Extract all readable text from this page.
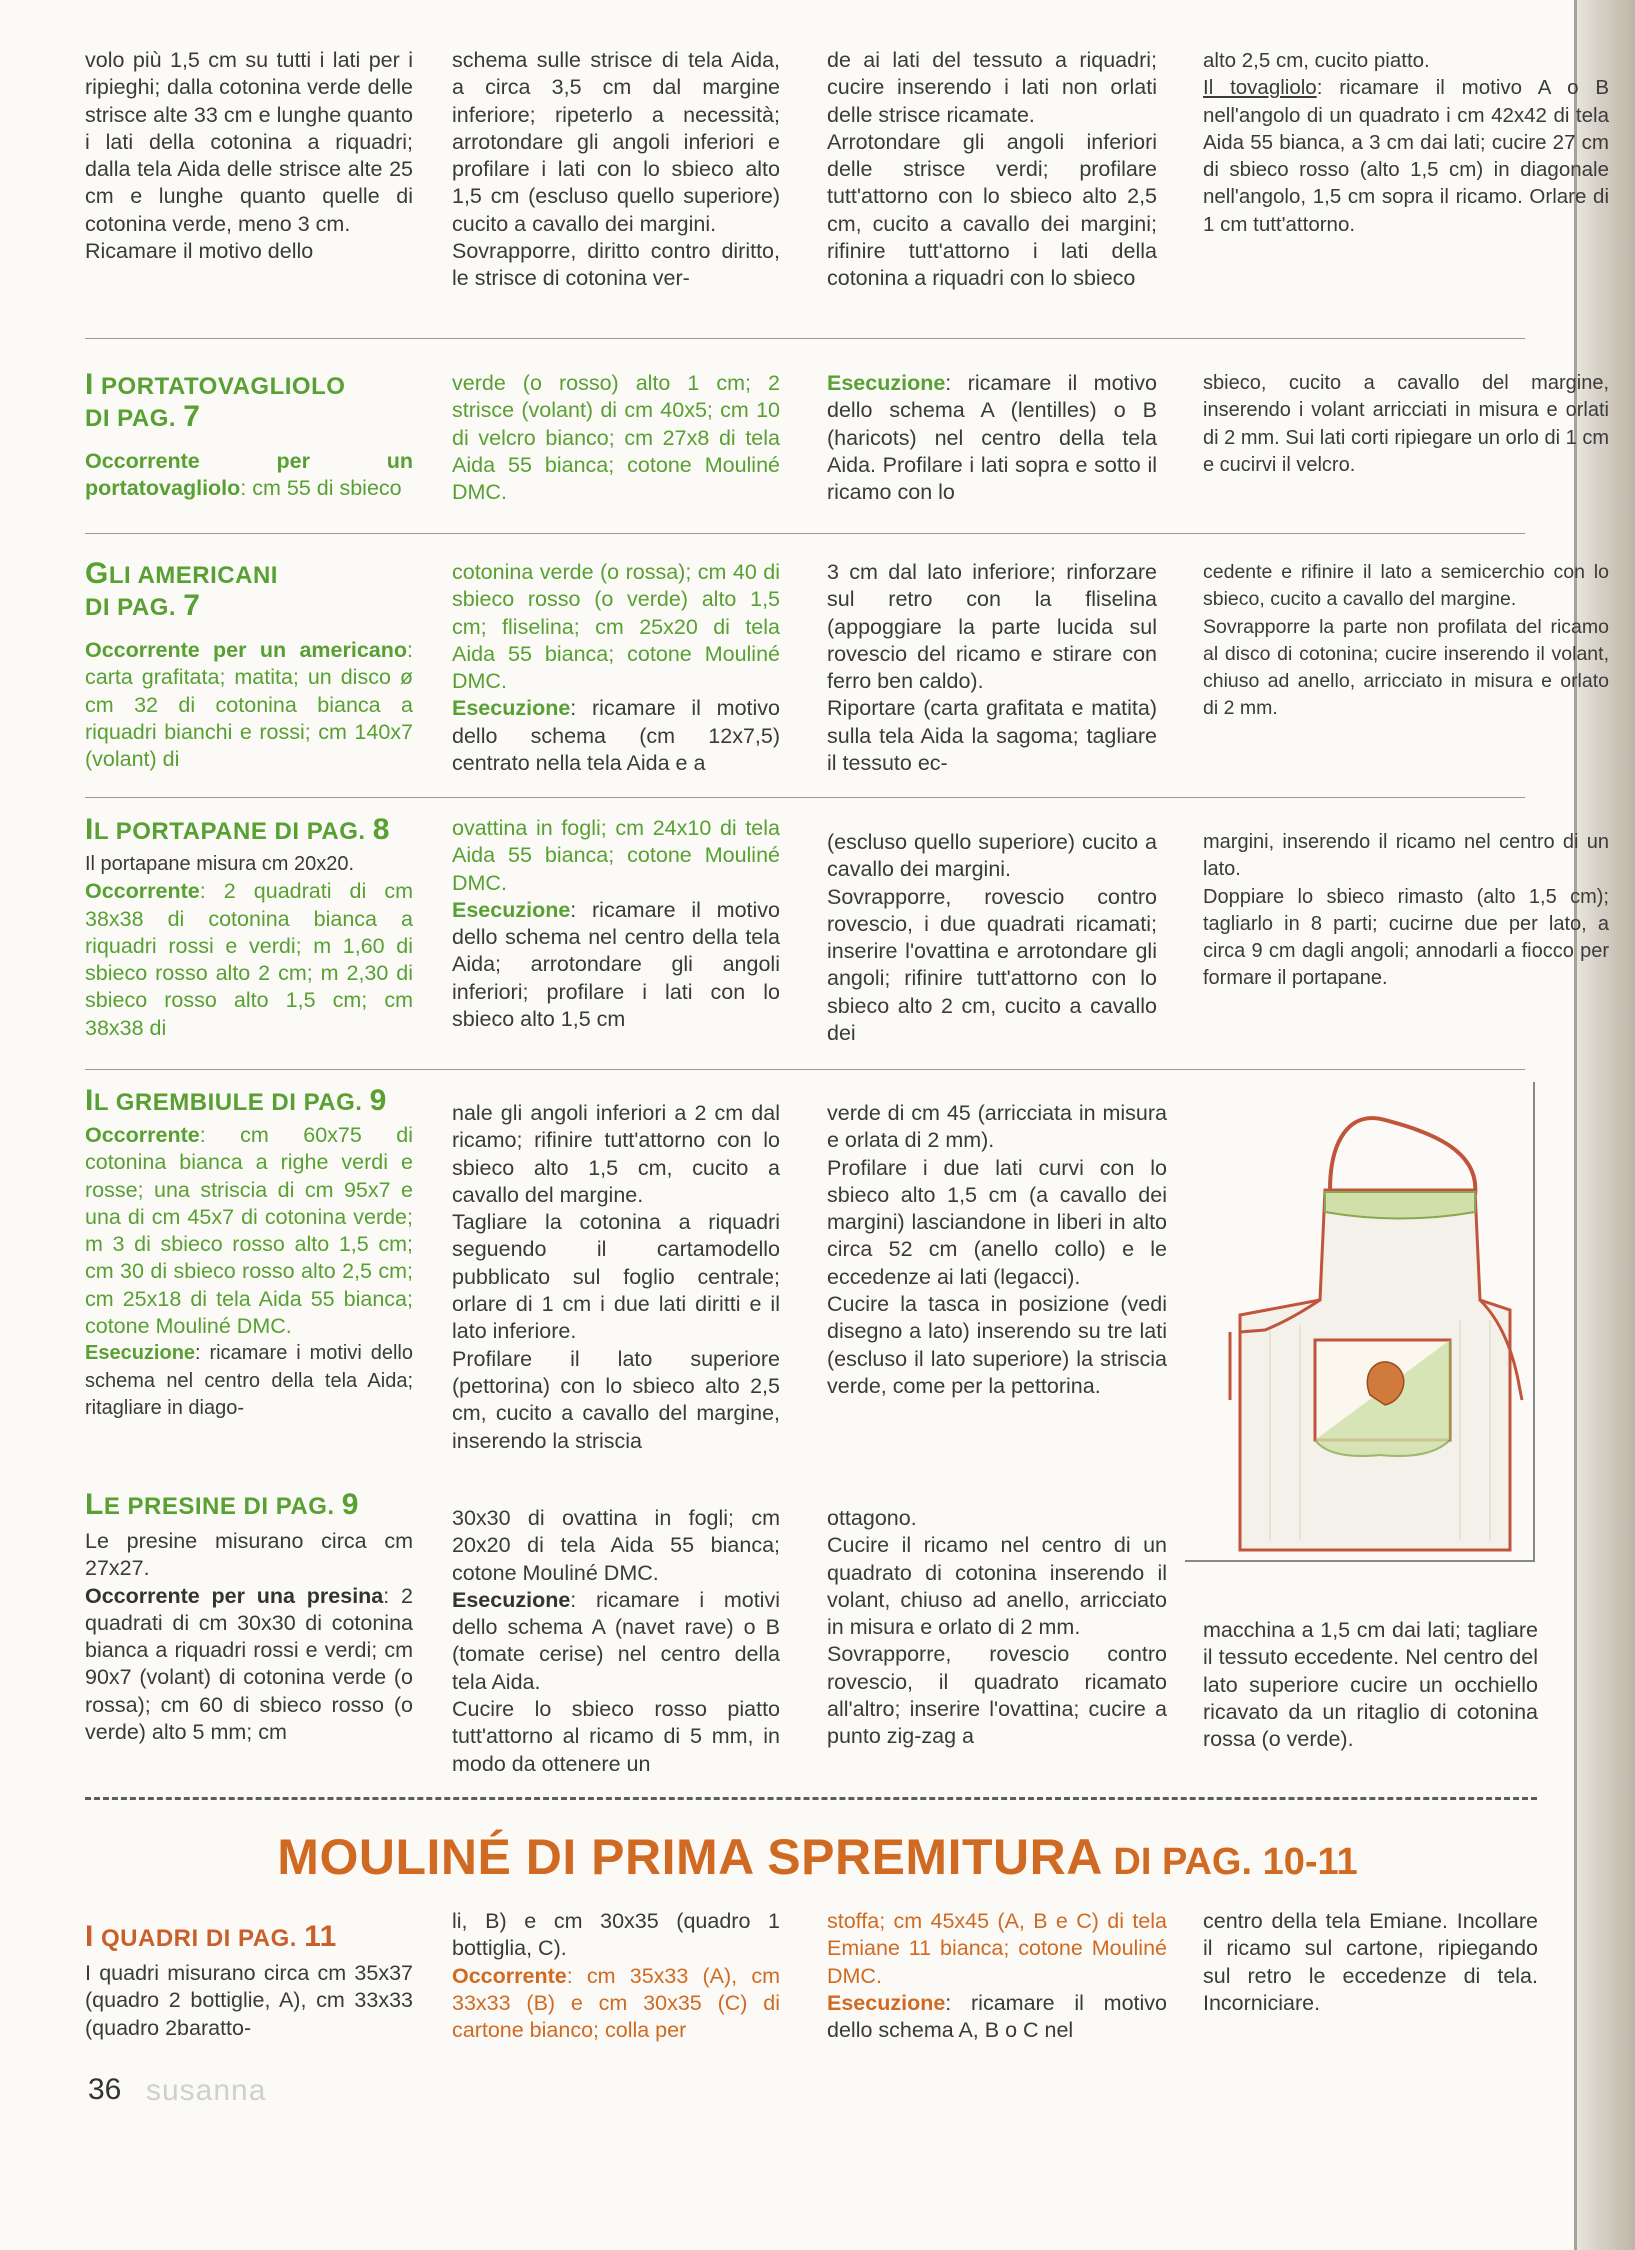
volo più 1,5 cm su tutti i lati per i ripieghi; dalla cotonina verde delle strisce alte 33 cm e lunghe quanto i lati della cotonina a riquadri; dalla tela Aida delle strisce alte 25 cm e lunghe quanto quelle di cotonina verde, meno 3 cm.

Ricamare il motivo dello

schema sulle strisce di tela Aida, a circa 3,5 cm dal margine inferiore; ripeterlo a necessità; arrotondare gli angoli inferiori e profilare i lati con lo sbieco alto 1,5 cm (escluso quello superiore) cucito a cavallo dei margini.

Sovrapporre, diritto contro diritto, le strisce di cotonina ver-

de ai lati del tessuto a riquadri; cucire inserendo i lati non orlati delle strisce ricamate.

Arrotondare gli angoli inferiori delle strisce verdi; profilare tutt'attorno con lo sbieco alto 2,5 cm, cucito a cavallo dei margini; rifinire tutt'attorno i lati della cotonina a riquadri con lo sbieco

alto 2,5 cm, cucito piatto.
Il tovagliolo: ricamare il motivo A o B nell'angolo di un quadrato i cm 42x42 di tela Aida 55 bianca, a 3 cm dai lati; cucire 27 cm di sbieco rosso (alto 1,5 cm) in diagonale nell'angolo, 1,5 cm sopra il ricamo. Orlare di 1 cm tutt'attorno.

I PORTATOVAGLIOLO
DI PAG. 7

Occorrente per un portatovagliolo: cm 55 di sbieco

verde (o rosso) alto 1 cm; 2 strisce (volant) di cm 40x5; cm 10 di velcro bianco; cm 27x8 di tela Aida 55 bianca; cotone Mouliné DMC.

Esecuzione: ricamare il motivo dello schema A (lentilles) o B (haricots) nel centro della tela Aida. Profilare i lati sopra e sotto il ricamo con lo

sbieco, cucito a cavallo del margine, inserendo i volant arricciati in misura e orlati di 2 mm. Sui lati corti ripiegare un orlo di 1 cm e cucirvi il velcro.

GLI AMERICANI
DI PAG. 7

Occorrente per un americano: carta grafitata; matita; un disco ø cm 32 di cotonina bianca a riquadri bianchi e rossi; cm 140x7 (volant) di

cotonina verde (o rossa); cm 40 di sbieco rosso (o verde) alto 1,5 cm; fliselina; cm 25x20 di tela Aida 55 bianca; cotone Mouliné DMC.

Esecuzione: ricamare il motivo dello schema (cm 12x7,5) centrato nella tela Aida e a

3 cm dal lato inferiore; rinforzare sul retro con la fliselina (appoggiare la parte lucida sul rovescio del ricamo e stirare con ferro ben caldo).

Riportare (carta grafitata e matita) sulla tela Aida la sagoma; tagliare il tessuto ec-

cedente e rifinire il lato a semicerchio con lo sbieco, cucito a cavallo del margine.

Sovrapporre la parte non profilata del ricamo al disco di cotonina; cucire inserendo il volant, chiuso ad anello, arricciato in misura e orlato di 2 mm.

IL PORTAPANE DI PAG. 8

Il portapane misura cm 20x20.

Occorrente: 2 quadrati di cm 38x38 di cotonina bianca a riquadri rossi e verdi; m 1,60 di sbieco rosso alto 2 cm; m 2,30 di sbieco rosso alto 1,5 cm; cm 38x38 di

ovattina in fogli; cm 24x10 di tela Aida 55 bianca; cotone Mouliné DMC.

Esecuzione: ricamare il motivo dello schema nel centro della tela Aida; arrotondare gli angoli inferiori; profilare i lati con lo sbieco alto 1,5 cm

(escluso quello superiore) cucito a cavallo dei margini.

Sovrapporre, rovescio contro rovescio, i due quadrati ricamati; inserire l'ovattina e arrotondare gli angoli; rifinire tutt'attorno con lo sbieco alto 2 cm, cucito a cavallo dei

margini, inserendo il ricamo nel centro di un lato.

Doppiare lo sbieco rimasto (alto 1,5 cm); tagliarlo in 8 parti; cucirne due per lato, a circa 9 cm dagli angoli; annodarli a fiocco per formare il portapane.

IL GREMBIULE DI PAG. 9

Occorrente: cm 60x75 di cotonina bianca a righe verdi e rosse; una striscia di cm 95x7 e una di cm 45x7 di cotonina verde; m 3 di sbieco rosso alto 1,5 cm; cm 30 di sbieco rosso alto 2,5 cm; cm 25x18 di tela Aida 55 bianca; cotone Mouliné DMC.

Esecuzione: ricamare i motivi dello schema nel centro della tela Aida; ritagliare in diago-

nale gli angoli inferiori a 2 cm dal ricamo; rifinire tutt'attorno con lo sbieco alto 1,5 cm, cucito a cavallo del margine.

Tagliare la cotonina a riquadri seguendo il cartamodello pubblicato sul foglio centrale; orlare di 1 cm i due lati diritti e il lato inferiore.

Profilare il lato superiore (pettorina) con lo sbieco alto 2,5 cm, cucito a cavallo del margine, inserendo la striscia

verde di cm 45 (arricciata in misura e orlata di 2 mm).

Profilare i due lati curvi con lo sbieco alto 1,5 cm (a cavallo dei margini) lasciandone in liberi in alto circa 52 cm (anello collo) e le eccedenze ai lati (legacci).

Cucire la tasca in posizione (vedi disegno a lato) inserendo su tre lati (escluso il lato superiore) la striscia verde, come per la pettorina.

LE PRESINE DI PAG. 9

Le presine misurano circa cm 27x27.

Occorrente per una presina: 2 quadrati di cm 30x30 di cotonina bianca a riquadri rossi e verdi; cm 90x7 (volant) di cotonina verde (o rossa); cm 60 di sbieco rosso (o verde) alto 5 mm; cm

30x30 di ovattina in fogli; cm 20x20 di tela Aida 55 bianca; cotone Mouliné DMC.

Esecuzione: ricamare i motivi dello schema A (navet rave) o B (tomate cerise) nel centro della tela Aida.

Cucire lo sbieco rosso piatto tutt'attorno al ricamo di 5 mm, in modo da ottenere un

ottagono.

Cucire il ricamo nel centro di un quadrato di cotonina inserendo il volant, chiuso ad anello, arricciato in misura e orlato di 2 mm.

Sovrapporre, rovescio contro rovescio, il quadrato ricamato all'altro; inserire l'ovattina; cucire a punto zig-zag a

macchina a 1,5 cm dai lati; tagliare il tessuto eccedente. Nel centro del lato superiore cucire un occhiello ricavato da un ritaglio di cotonina rossa (o verde).

MOULINÉ DI PRIMA SPREMITURA DI PAG. 10-11

I QUADRI DI PAG. 11

I quadri misurano circa cm 35x37 (quadro 2 bottiglie, A), cm 33x33 (quadro 2baratto-

li, B) e cm 30x35 (quadro 1 bottiglia, C).

Occorrente: cm 35x33 (A), cm 33x33 (B) e cm 30x35 (C) di cartone bianco; colla per

stoffa; cm 45x45 (A, B e C) di tela Emiane 11 bianca; cotone Mouliné DMC.

Esecuzione: ricamare il motivo dello schema A, B o C nel

centro della tela Emiane. Incollare il ricamo sul cartone, ripiegando sul retro le eccedenze di tela. Incorniciare.

36 susanna
